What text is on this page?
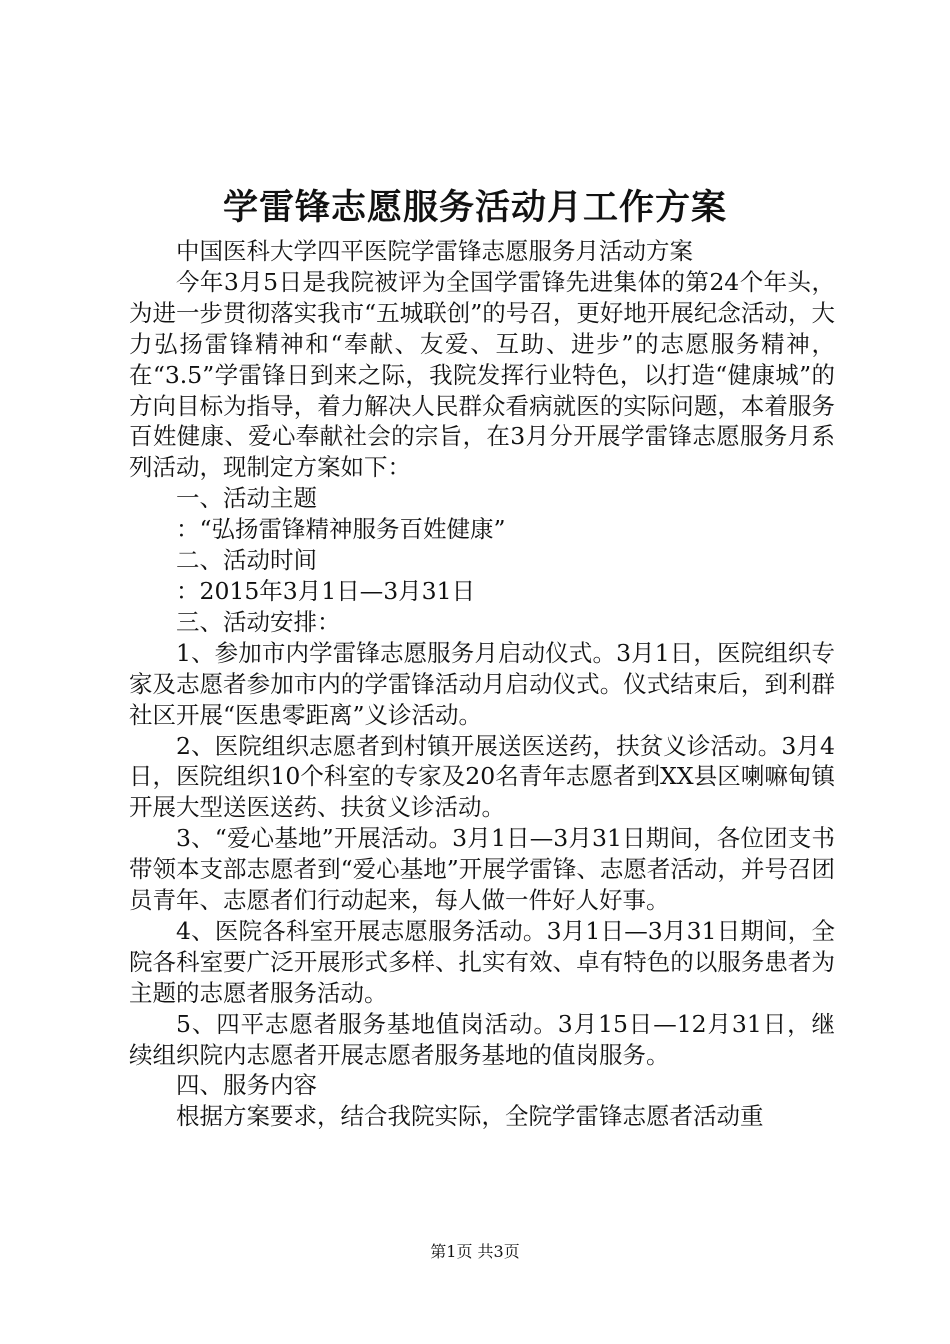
学雷锋志愿服务活动月工作方案

中国医科大学四平医院学雷锋志愿服务月活动方案

今年3月5日是我院被评为全国学雷锋先进集体的第24个年头，为进一步贯彻落实我市“五城联创”的号召，更好地开展纪念活动，大力弘扬雷锋精神和“奉献、友爱、互助、进步”的志愿服务精神，在“3.5”学雷锋日到来之际，我院发挥行业特色，以打造“健康城”的方向目标为指导，着力解决人民群众看病就医的实际问题，本着服务百姓健康、爱心奉献社会的宗旨，在3月分开展学雷锋志愿服务月系列活动，现制定方案如下：

一、活动主题

：“弘扬雷锋精神服务百姓健康”

二、活动时间

：2015年3月1日—3月31日

三、活动安排：

1、参加市内学雷锋志愿服务月启动仪式。3月1日，医院组织专家及志愿者参加市内的学雷锋活动月启动仪式。仪式结束后，到利群社区开展“医患零距离”义诊活动。

2、医院组织志愿者到村镇开展送医送药，扶贫义诊活动。3月4日，医院组织10个科室的专家及20名青年志愿者到XX县区喇嘛甸镇开展大型送医送药、扶贫义诊活动。

3、“爱心基地”开展活动。3月1日—3月31日期间，各位团支书带领本支部志愿者到“爱心基地”开展学雷锋、志愿者活动，并号召团员青年、志愿者们行动起来，每人做一件好人好事。

4、医院各科室开展志愿服务活动。3月1日—3月31日期间，全院各科室要广泛开展形式多样、扎实有效、卓有特色的以服务患者为主题的志愿者服务活动。

5、四平志愿者服务基地值岗活动。3月15日—12月31日，继续组织院内志愿者开展志愿者服务基地的值岗服务。

四、服务内容

根据方案要求，结合我院实际，全院学雷锋志愿者活动重

第1页 共3页
